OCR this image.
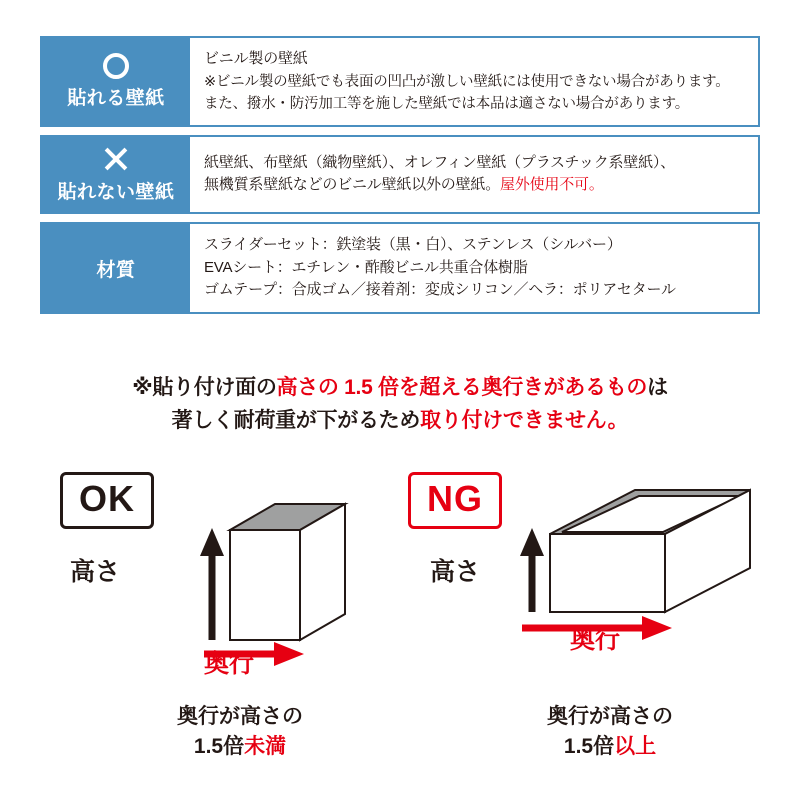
貼れる壁紙

ビニル製の壁紙

※ビニル製の壁紙でも表面の凹凸が激しい壁紙には使用できない場合があります。

また、撥水・防汚加工等を施した壁紙では本品は適さない場合があります。

貼れない壁紙

紙壁紙、布壁紙（織物壁紙）、オレフィン壁紙（プラスチック系壁紙）、

無機質系壁紙などのビニル壁紙以外の壁紙。屋外使用不可。

材質

スライダーセット：鉄塗装（黒・白）、ステンレス（シルバー）

EVAシート：エチレン・酢酸ビニル共重合体樹脂

ゴムテープ：合成ゴム／接着剤：変成シリコン／ヘラ：ポリアセタール

※貼り付け面の高さの 1.5 倍を超える奥行きがあるものは
著しく耐荷重が下がるため取り付けできません。
OK	NG
高さ
奥行
高さ
奥行
奥行が高さの
1.5倍未満
奥行が高さの
1.5倍以上
